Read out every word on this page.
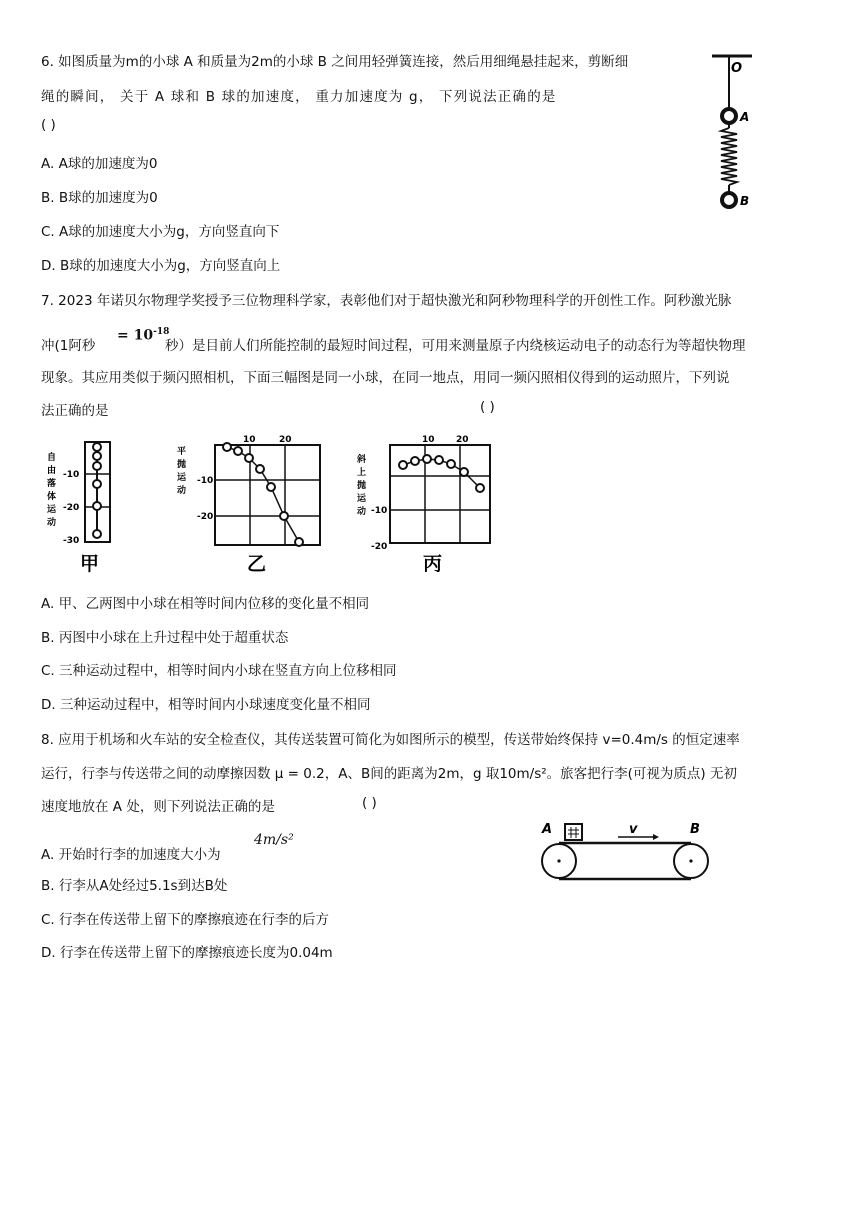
6. 如图质量为m的小球 A 和质量为2m的小球 B 之间用轻弹簧连接，然后用细绳悬挂起来，剪断细
绳的瞬间， 关于 A 球和 B 球的加速度， 重力加速度为 g， 下列说法正确的是
( )
A. A球的加速度为0
B. B球的加速度为0
C. A球的加速度大小为g，方向竖直向下
D. B球的加速度大小为g，方向竖直向上
O
A
B
7. 2023 年诺贝尔物理学奖授予三位物理科学家，表彰他们对于超快激光和阿秒物理科学的开创性工作。阿秒激光脉
冲(1阿秒
= $10^{-18}$
秒）是目前人们所能控制的最短时间过程，可用来测量原子内绕核运动电子的动态行为等超快物理
现象。其应用类似于频闪照相机，下面三幅图是同一小球，在同一地点，用同一频闪照相仪得到的运动照片，下列说
法正确的是	( )
自
由
落
体
运
动
-10
-20
-30
甲
平
抛
运
动
10	20
-10
-20
乙
斜
上
抛
运
动
10 20
-10
-20
丙
A. 甲、乙两图中小球在相等时间内位移的变化量不相同
B. 丙图中小球在上升过程中处于超重状态
C. 三种运动过程中，相等时间内小球在竖直方向上位移相同
D. 三种运动过程中，相等时间内小球速度变化量不相同
8. 应用于机场和火车站的安全检查仪，其传送装置可简化为如图所示的模型，传送带始终保持 v=0.4m/s 的恒定速率
运行，行李与传送带之间的动摩擦因数 μ = 0.2，A、B间的距离为2m，g 取10m/s²。旅客把行李(可视为质点) 无初
速度地放在 A 处，则下列说法正确的是	( )
A. 开始时行李的加速度大小为
4m/s²
B. 行李从A处经过5.1s到达B处
C. 行李在传送带上留下的摩擦痕迹在行李的后方
D. 行李在传送带上留下的摩擦痕迹长度为0.04m
A	B
v
